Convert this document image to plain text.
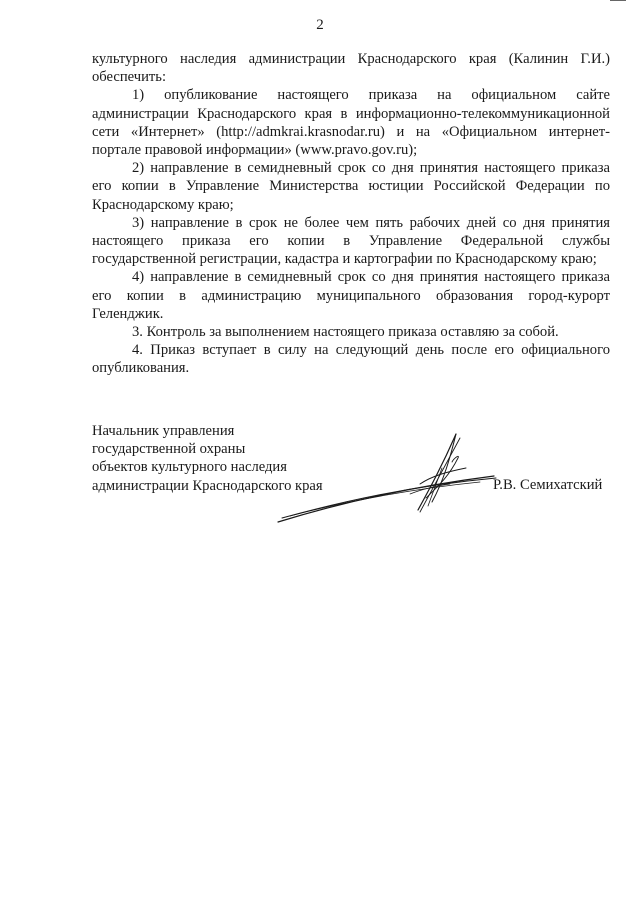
2

культурного наследия администрации Краснодарского края (Калинин Г.И.) обеспечить:

1) опубликование настоящего приказа на официальном сайте администрации Краснодарского края в информационно-телекоммуникационной сети «Интернет» (http://admkrai.krasnodar.ru) и на «Официальном интернет-портале правовой информации» (www.pravo.gov.ru);

2) направление в семидневный срок со дня принятия настоящего приказа его копии в Управление Министерства юстиции Российской Федерации по Краснодарскому краю;

3) направление в срок не более чем пять рабочих дней со дня принятия настоящего приказа его копии в Управление Федеральной службы государственной регистрации, кадастра и картографии по Краснодарскому краю;

4) направление в семидневный срок со дня принятия настоящего приказа его копии в администрацию муниципального образования город-курорт Геленджик.

3. Контроль за выполнением настоящего приказа оставляю за собой.

4. Приказ вступает в силу на следующий день после его официального опубликования.

Начальник управления
государственной охраны
объектов культурного наследия
администрации Краснодарского края	Р.В. Семихатский
